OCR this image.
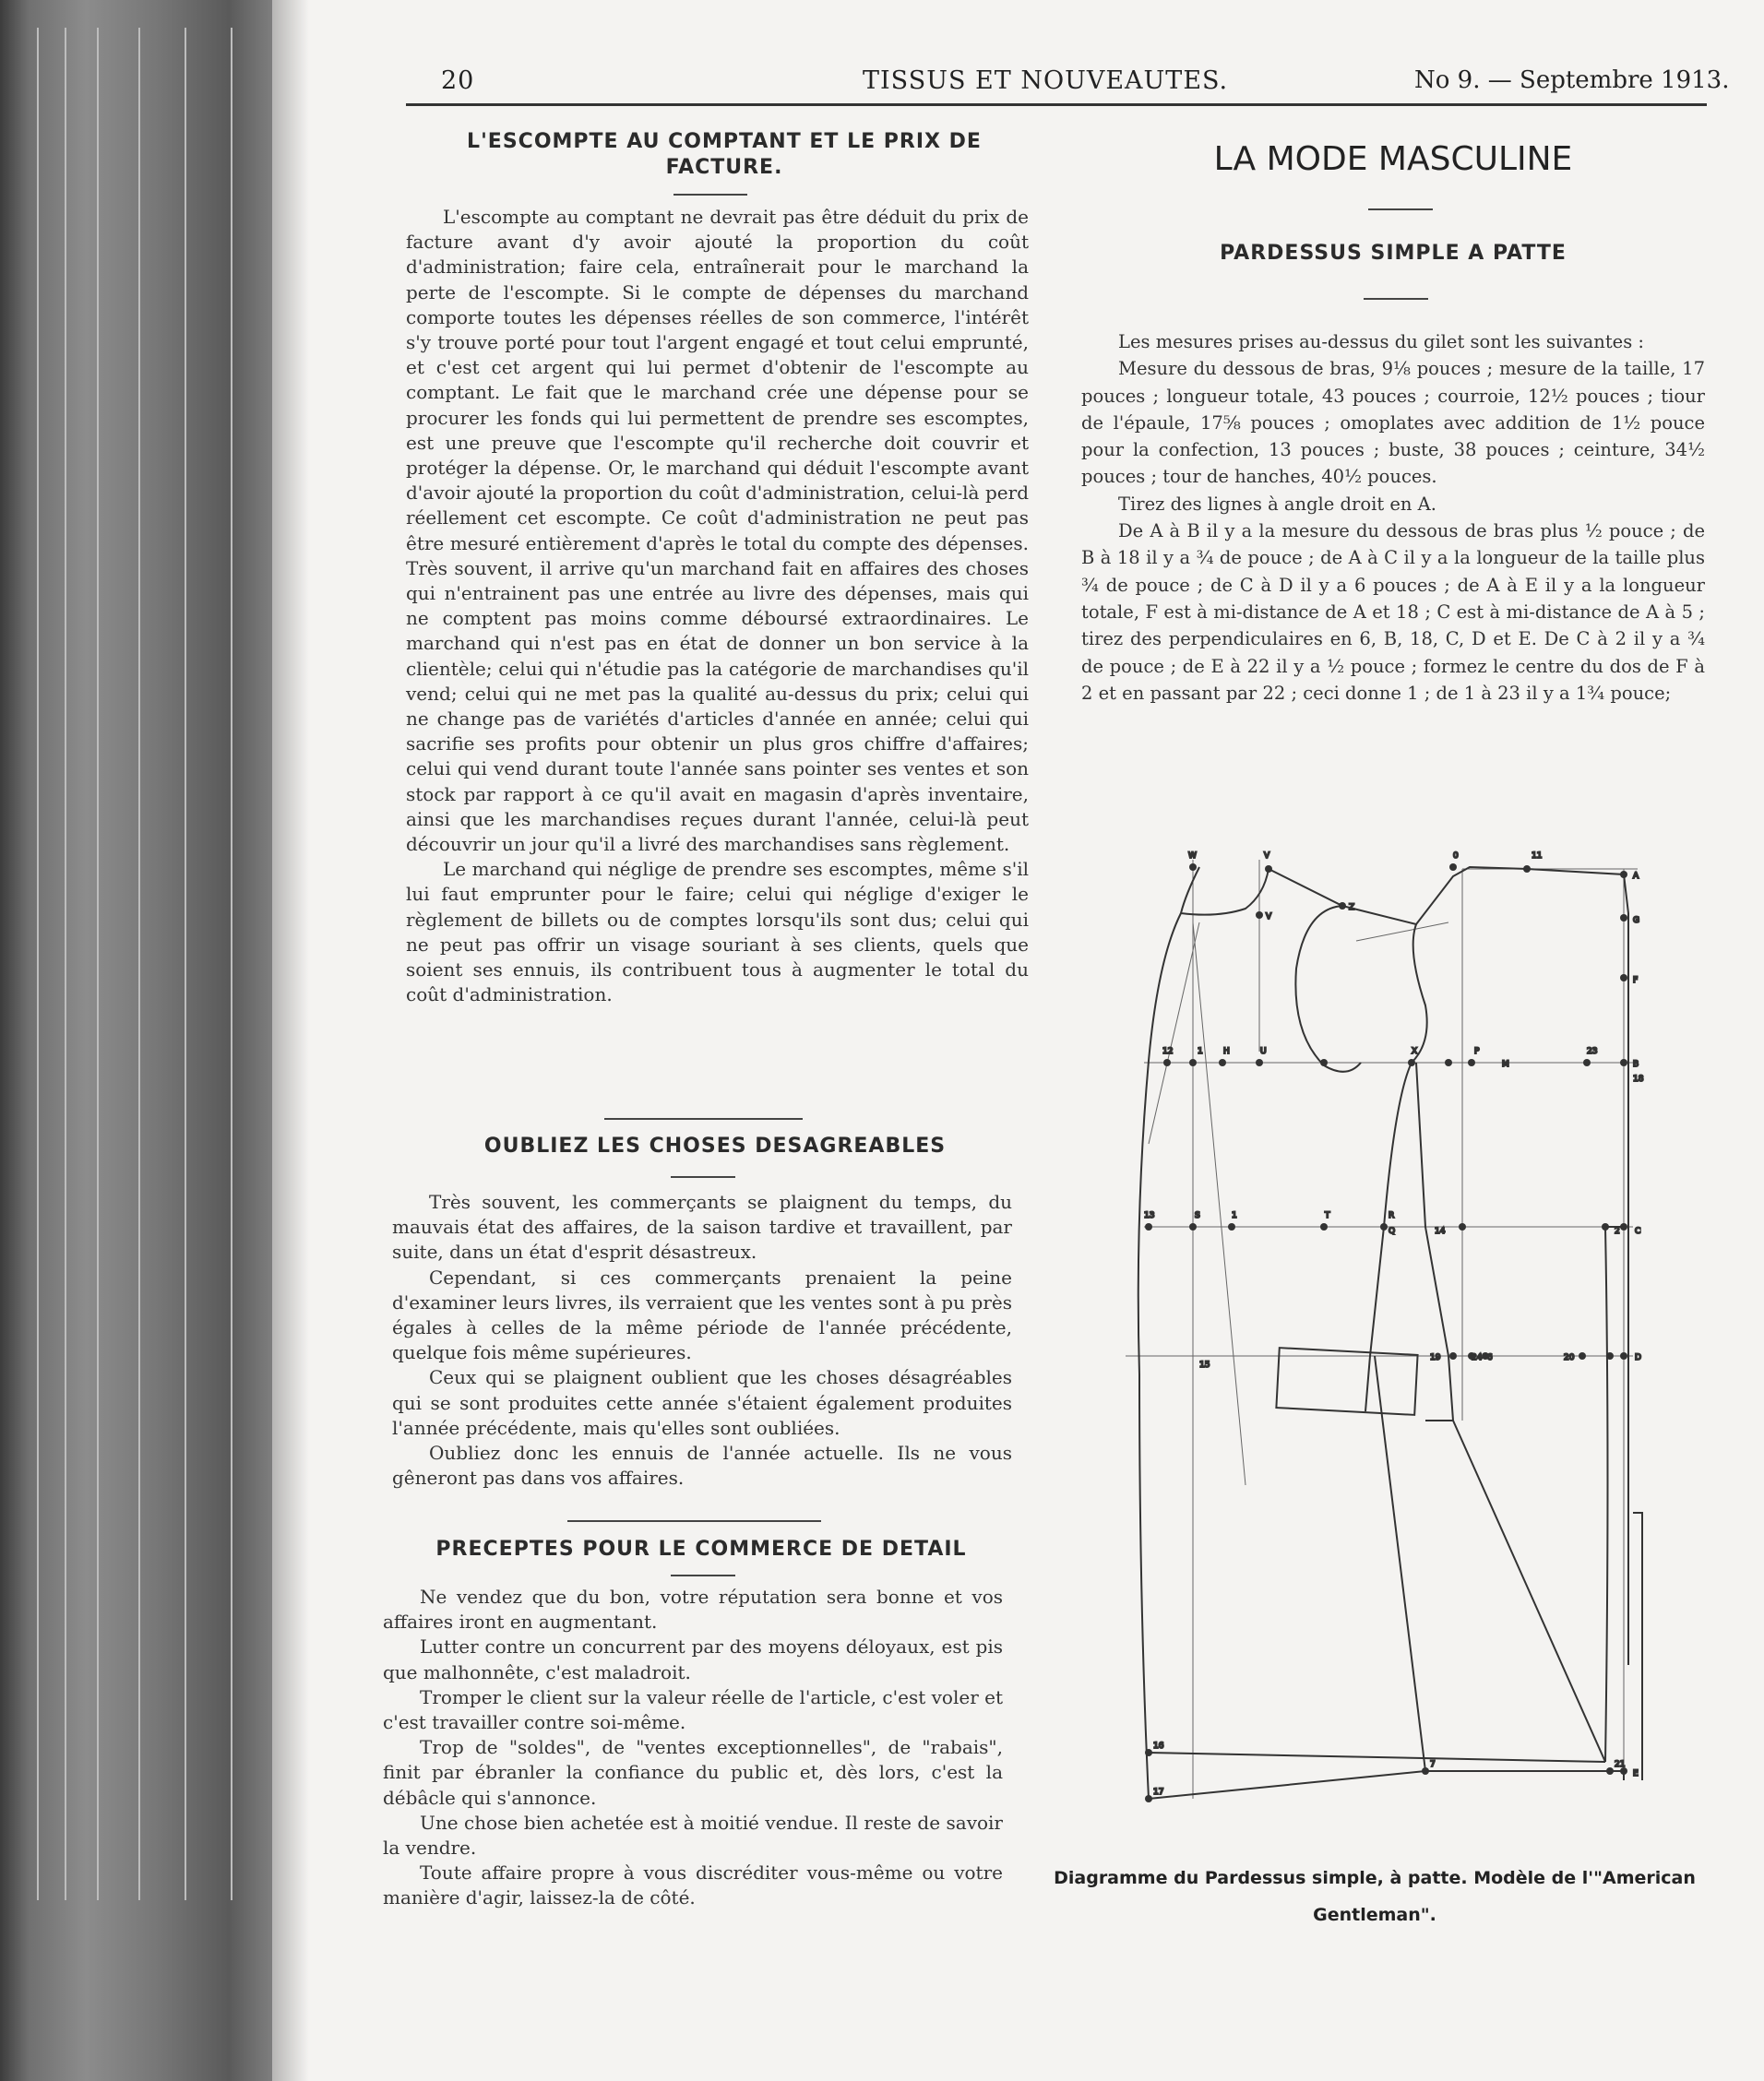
20	TISSUS ET NOUVEAUTES.	No 9. — Septembre 1913.
L'ESCOMPTE AU COMPTANT ET LE PRIX DE FACTURE.

L'escompte au comptant ne devrait pas être déduit du prix de facture avant d'y avoir ajouté la proportion du coût d'administration; faire cela, entraînerait pour le marchand la perte de l'escompte. Si le compte de dépenses du marchand comporte toutes les dépenses réelles de son commerce, l'intérêt s'y trouve porté pour tout l'argent engagé et tout celui emprunté, et c'est cet argent qui lui permet d'obtenir de l'escompte au comptant. Le fait que le marchand crée une dépense pour se procurer les fonds qui lui permettent de prendre ses escomptes, est une preuve que l'escompte qu'il recherche doit couvrir et protéger la dépense. Or, le marchand qui déduit l'escompte avant d'avoir ajouté la proportion du coût d'administration, celui-là perd réellement cet escompte. Ce coût d'administration ne peut pas être mesuré entièrement d'après le total du compte des dépenses. Très souvent, il arrive qu'un marchand fait en affaires des choses qui n'entrainent pas une entrée au livre des dépenses, mais qui ne comptent pas moins comme déboursé extraordinaires. Le marchand qui n'est pas en état de donner un bon service à la clientèle; celui qui n'étudie pas la catégorie de marchandises qu'il vend; celui qui ne met pas la qualité au-dessus du prix; celui qui ne change pas de variétés d'articles d'année en année; celui qui sacrifie ses profits pour obtenir un plus gros chiffre d'affaires; celui qui vend durant toute l'année sans pointer ses ventes et son stock par rapport à ce qu'il avait en magasin d'après inventaire, ainsi que les marchandises reçues durant l'année, celui-là peut découvrir un jour qu'il a livré des marchandises sans règlement.

Le marchand qui néglige de prendre ses escomptes, même s'il lui faut emprunter pour le faire; celui qui néglige d'exiger le règlement de billets ou de comptes lorsqu'ils sont dus; celui qui ne peut pas offrir un visage souriant à ses clients, quels que soient ses ennuis, ils contribuent tous à augmenter le total du coût d'administration.

OUBLIEZ LES CHOSES DESAGREABLES

Très souvent, les commerçants se plaignent du temps, du mauvais état des affaires, de la saison tardive et travaillent, par suite, dans un état d'esprit désastreux.

Cependant, si ces commerçants prenaient la peine d'examiner leurs livres, ils verraient que les ventes sont à pu près égales à celles de la même période de l'année précédente, quelque fois même supérieures.

Ceux qui se plaignent oublient que les choses désagréables qui se sont produites cette année s'étaient également produites l'année précédente, mais qu'elles sont oubliées.

Oubliez donc les ennuis de l'année actuelle. Ils ne vous gêneront pas dans vos affaires.

PRECEPTES POUR LE COMMERCE DE DETAIL

Ne vendez que du bon, votre réputation sera bonne et vos affaires iront en augmentant.

Lutter contre un concurrent par des moyens déloyaux, est pis que malhonnête, c'est maladroit.

Tromper le client sur la valeur réelle de l'article, c'est voler et c'est travailler contre soi-même.

Trop de "soldes", de "ventes exceptionnelles", de "rabais", finit par ébranler la confiance du public et, dès lors, c'est la débâcle qui s'annonce.

Une chose bien achetée est à moitié vendue. Il reste de savoir la vendre.

Toute affaire propre à vous discréditer vous-même ou votre manière d'agir, laissez-la de côté.

LA MODE MASCULINE
PARDESSUS SIMPLE A PATTE

Les mesures prises au-dessus du gilet sont les suivantes :

Mesure du dessous de bras, 9⅛ pouces ; mesure de la taille, 17 pouces ; longueur totale, 43 pouces ; courroie, 12½ pouces ; tiour de l'épaule, 17⅝ pouces ; omoplates avec addition de 1½ pouce pour la confection, 13 pouces ; buste, 38 pouces ; ceinture, 34½ pouces ; tour de hanches, 40½ pouces.

Tirez des lignes à angle droit en A.

De A à B il y a la mesure du dessous de bras plus ½ pouce ; de B à 18 il y a ¾ de pouce ; de A à C il y a la longueur de la taille plus ¾ de pouce ; de C à D il y a 6 pouces ; de A à E il y a la longueur totale, F est à mi-distance de A et 18 ; C est à mi-distance de A à 5 ; tirez des perpendiculaires en 6, B, 18, C, D et E. De C à 2 il y a ¾ de pouce ; de E à 22 il y a ½ pouce ; formez le centre du dos de F à 2 et en passant par 22 ; ceci donne 1 ; de 1 à 23 il y a 1¾ pouce;

W	V
V
Z
0	11
A
G
F
12	1 H	U	X	P
M
23
B
18
13	S	1	T	R
Q	14	2 C
15
19	24 6	20	D
16
7	21
E
17
Diagramme du Pardessus simple, à patte. Modèle de l'"American Gentleman".
